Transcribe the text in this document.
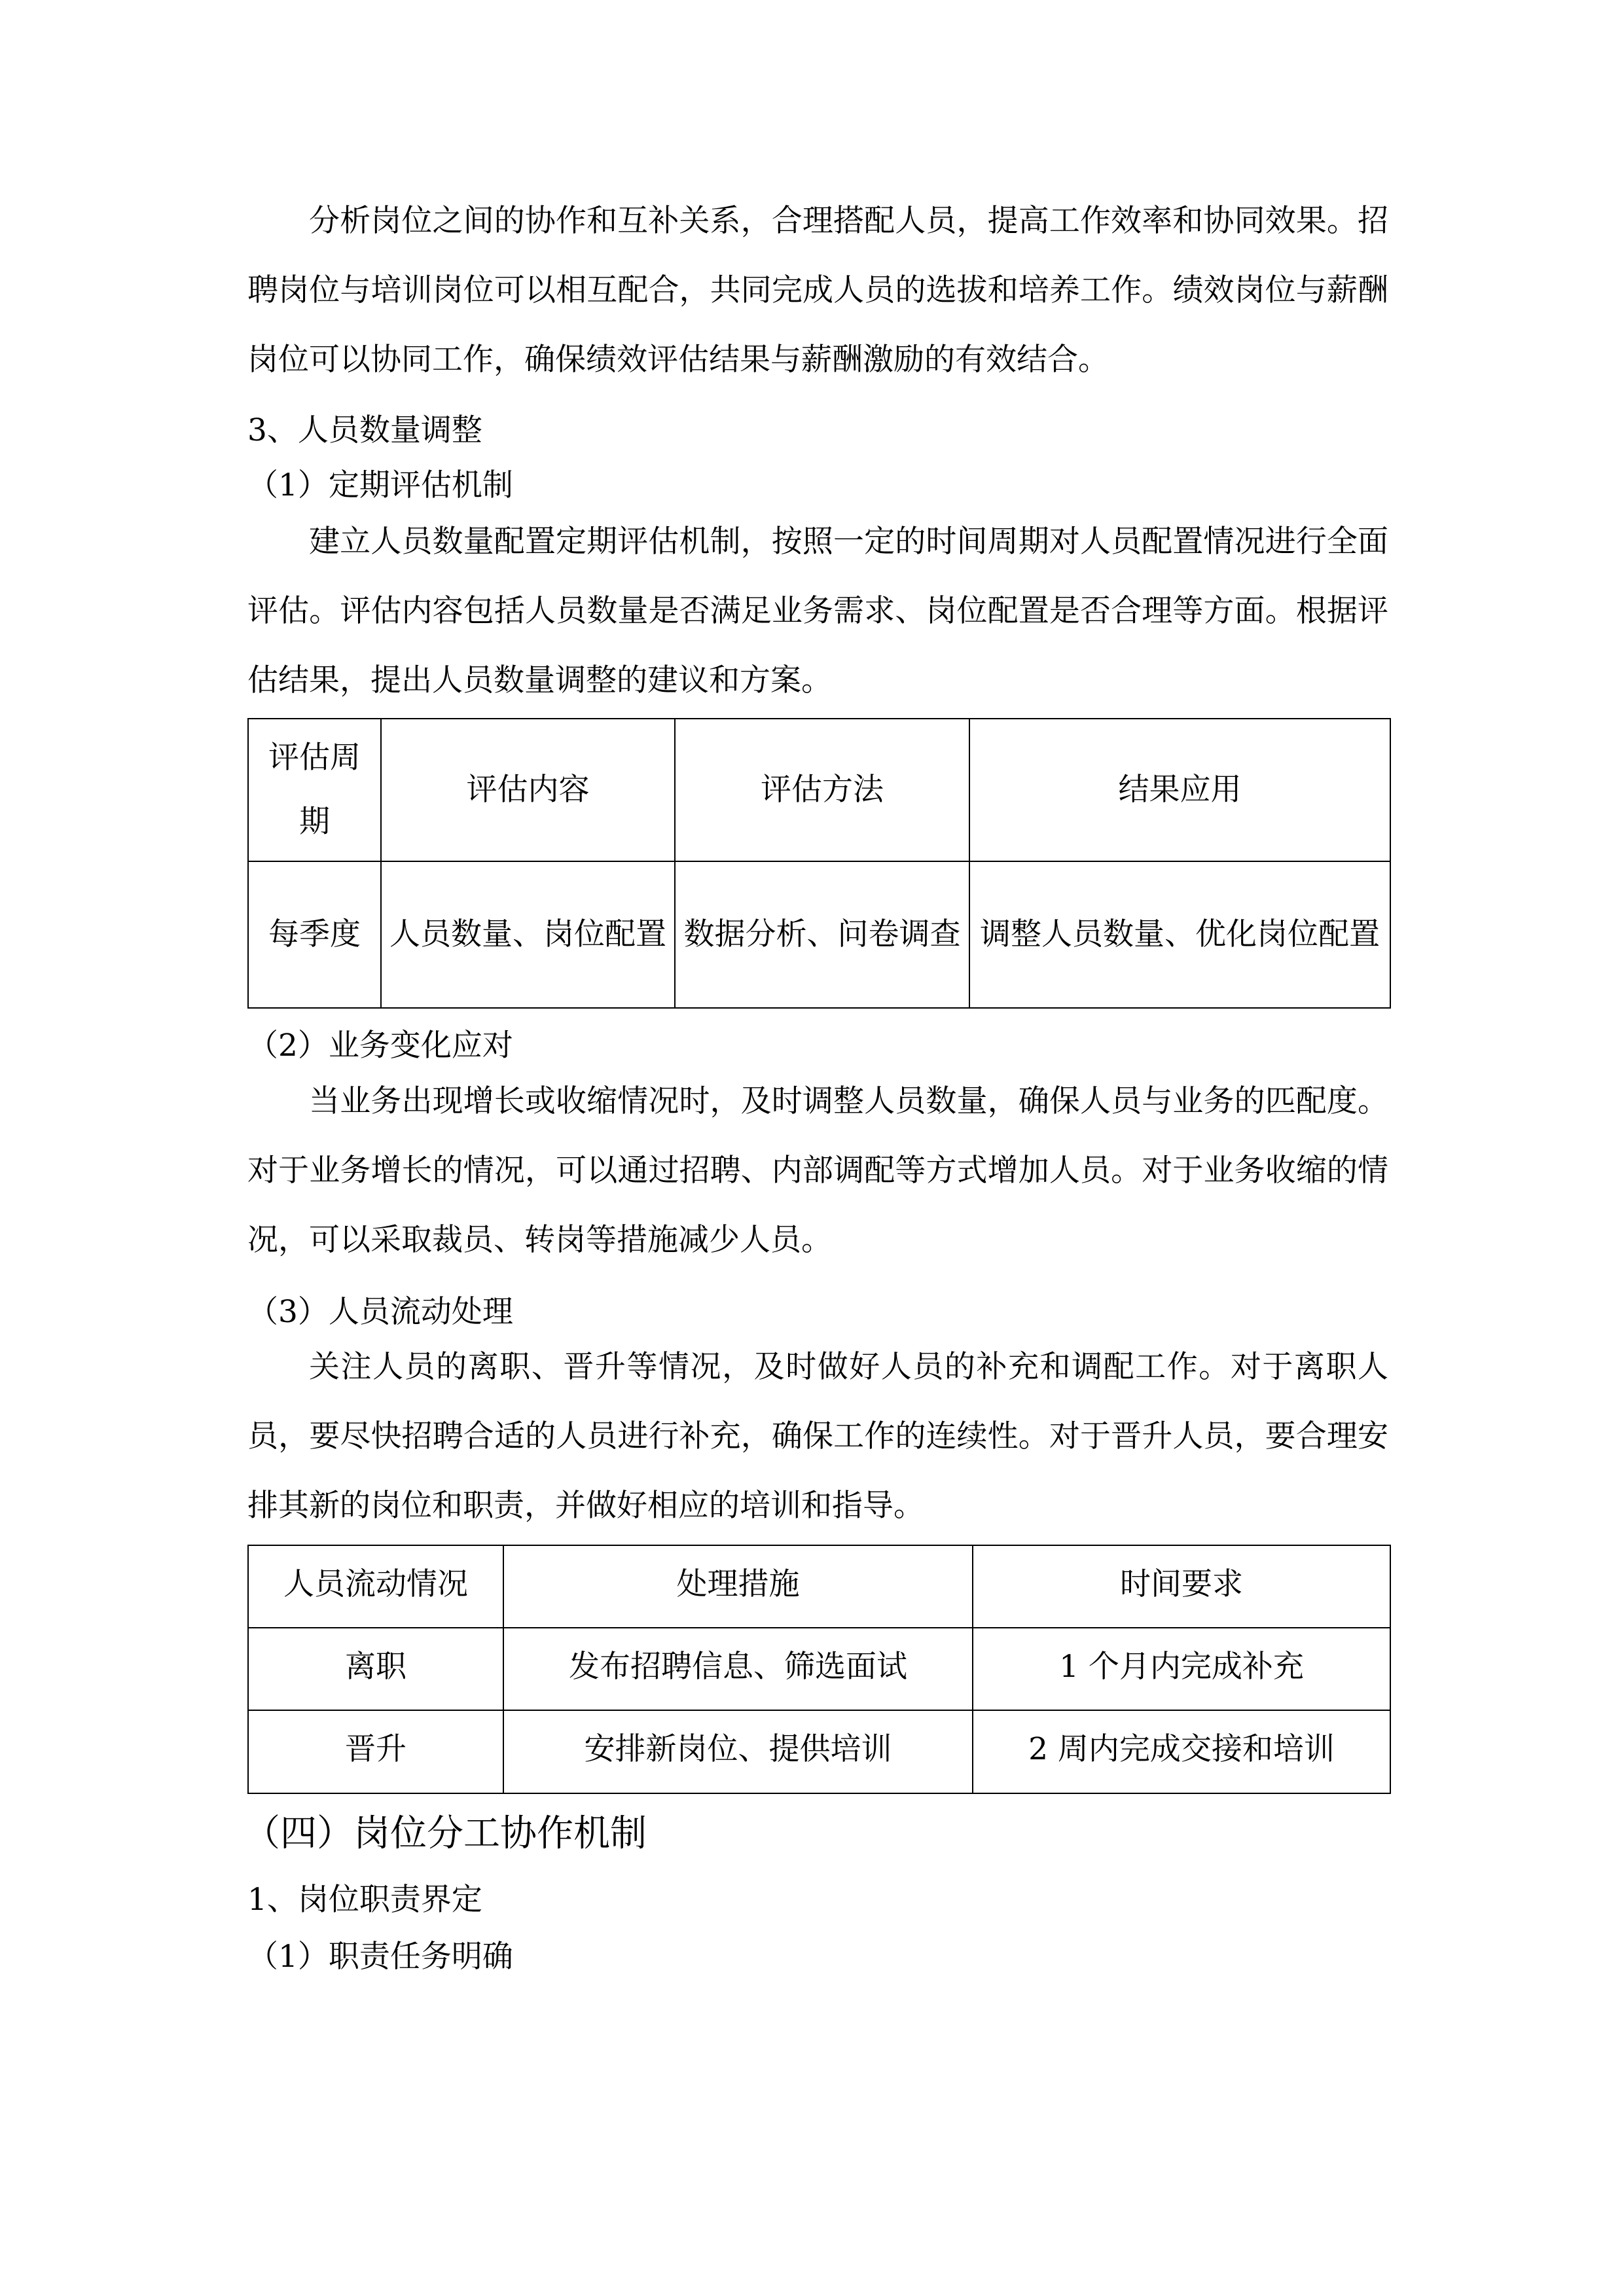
分析岗位之间的协作和互补关系，合理搭配人员，提高工作效率和协同效果。招聘岗位与培训岗位可以相互配合，共同完成人员的选拔和培养工作。绩效岗位与薪酬岗位可以协同工作，确保绩效评估结果与薪酬激励的有效结合。

3、人员数量调整

（1）定期评估机制

建立人员数量配置定期评估机制，按照一定的时间周期对人员配置情况进行全面评估。评估内容包括人员数量是否满足业务需求、岗位配置是否合理等方面。根据评估结果，提出人员数量调整的建议和方案。

评估周期	评估内容	评估方法	结果应用
每季度	人员数量、岗位配置	数据分析、问卷调查	调整人员数量、优化岗位配置

（2）业务变化应对

当业务出现增长或收缩情况时，及时调整人员数量，确保人员与业务的匹配度。对于业务增长的情况，可以通过招聘、内部调配等方式增加人员。对于业务收缩的情况，可以采取裁员、转岗等措施减少人员。

（3）人员流动处理

关注人员的离职、晋升等情况，及时做好人员的补充和调配工作。对于离职人员，要尽快招聘合适的人员进行补充，确保工作的连续性。对于晋升人员，要合理安排其新的岗位和职责，并做好相应的培训和指导。

人员流动情况	处理措施	时间要求
离职	发布招聘信息、筛选面试	1 个月内完成补充
晋升	安排新岗位、提供培训	2 周内完成交接和培训

（四）岗位分工协作机制

1、岗位职责界定

（1）职责任务明确
